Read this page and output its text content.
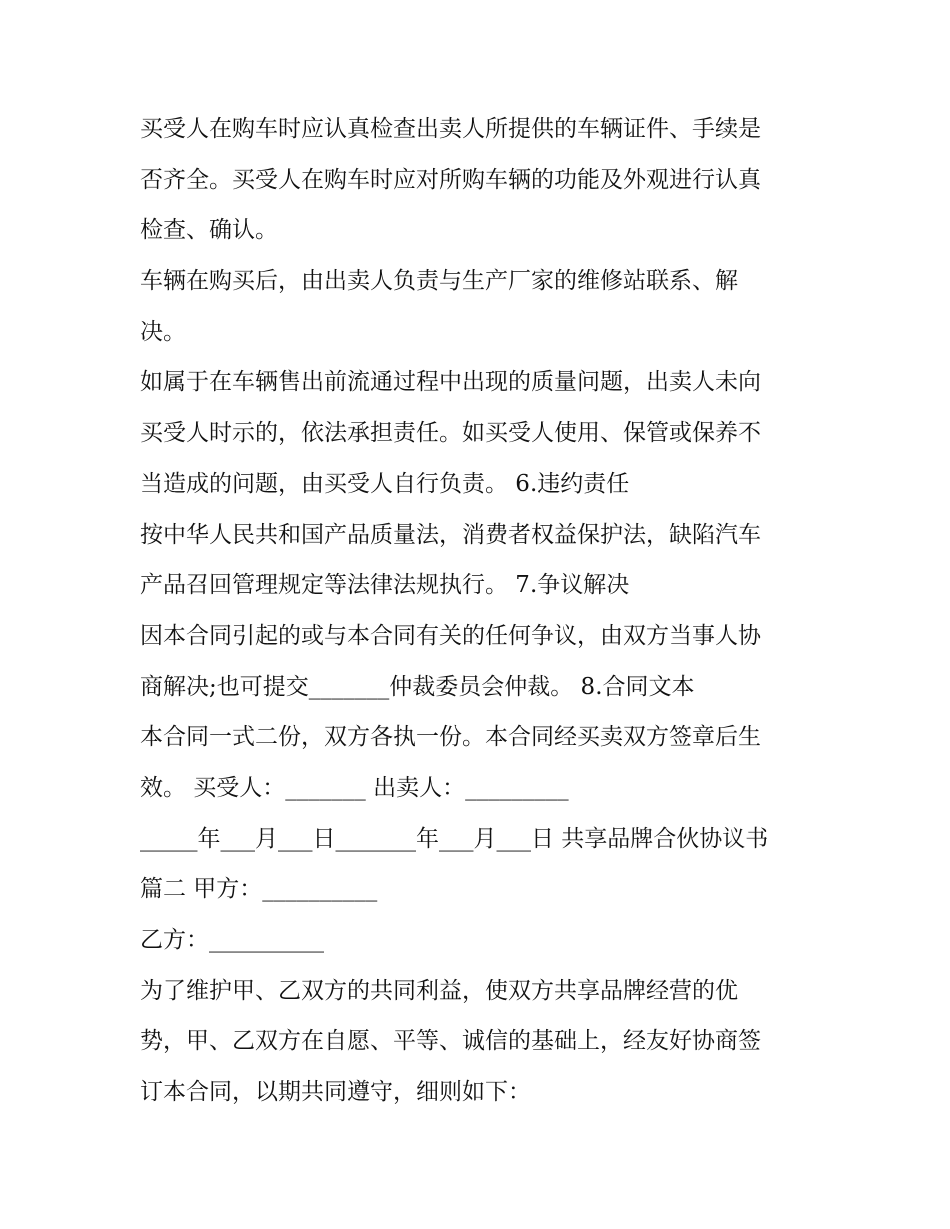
买受人在购车时应认真检查出卖人所提供的车辆证件、手续是
否齐全。买受人在购车时应对所购车辆的功能及外观进行认真
检查、确认。
车辆在购买后，由出卖人负责与生产厂家的维修站联系、解
决。
如属于在车辆售出前流通过程中出现的质量问题，出卖人未向
买受人时示的，依法承担责任。如买受人使用、保管或保养不
当造成的问题，由买受人自行负责。 6.违约责任
按中华人民共和国产品质量法，消费者权益保护法，缺陷汽车
产品召回管理规定等法律法规执行。 7.争议解决
因本合同引起的或与本合同有关的任何争议，由双方当事人协
商解决;也可提交_______仲裁委员会仲裁。 8.合同文本
本合同一式二份，双方各执一份。本合同经买卖双方签章后生
效。 买受人：_______ 出卖人：_________
_____年___月___日_______年___月___日 共享品牌合伙协议书
篇二 甲方：__________
乙方：__________
为了维护甲、乙双方的共同利益，使双方共享品牌经营的优
势，甲、乙双方在自愿、平等、诚信的基础上，经友好协商签
订本合同，以期共同遵守，细则如下：
